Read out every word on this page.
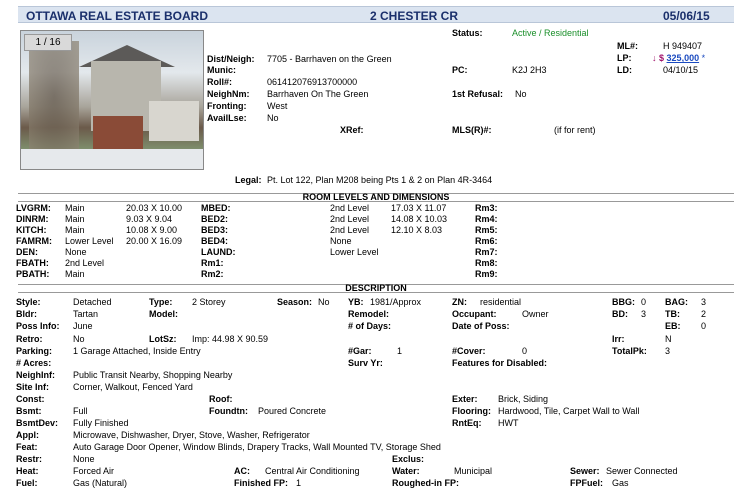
OTTAWA REAL ESTATE BOARD	2 CHESTER CR	05/06/15
1 / 16
Status:	Active / Residential
ML#:	H 949407
LP: ↓ $ 325,000 *
LD:	04/10/15
Dist/Neigh: 7705 - Barrhaven on the Green
Munic:	PC:	K2J 2H3
Roll#:	061412076913700000
NeighNm: Barrhaven On The Green	1st Refusal: No
Fronting: West
AvailLse: No
XRef:	MLS(R)#:	(if for rent)
Legal: Pt. Lot 122, Plan M208 being Pts 1 & 2 on Plan 4R-3464
ROOM LEVELS AND DIMENSIONS
LVGRM: Main	20.03 X 10.00
DINRM: Main	9.03 X 9.04
KITCH: Main	10.08 X 9.00
FAMRM: Lower Level 20.00 X 16.09
DEN:	None
FBATH: 2nd Level
PBATH: Main
MBED:	2nd Level 17.03 X 11.07
BED2:	2nd Level 14.08 X 10.03
BED3:	2nd Level 12.10 X 8.03
BED4:	None
LAUND:	Lower Level
Rm1:
Rm2:
Rm3:
Rm4:
Rm5:
Rm6:
Rm7:
Rm8:
Rm9:
DESCRIPTION
Style:	Detached	Type: 2 Storey	Season: No YB: 1981/Approx	ZN: residential	BBG: 0 BAG: 3
Bldr:	Tartan	Model:	Remodel:	Occupant:	Owner	BD: 3 TB: 2
Poss Info: June	# of Days:	Date of Poss:	EB: 0
Retro:	No	LotSz: Imp: 44.98 X 90.59	Irr:	N
Parking: 1 Garage Attached, Inside Entry	#Gar:	1	#Cover:	0	TotalPk: 3
# Acres:	Surv Yr:	Features for Disabled:
NeighInf: Public Transit Nearby, Shopping Nearby
Site Inf:	Corner, Walkout, Fenced Yard
Const:	Roof:	Exter: Brick, Siding
Bsmt:	Full	Foundtn: Poured Concrete	Flooring: Hardwood, Tile, Carpet Wall to Wall
BsmtDev: Fully Finished	RntEq: HWT
Appl:	Microwave, Dishwasher, Dryer, Stove, Washer, Refrigerator
Feat:	Auto Garage Door Opener, Window Blinds, Drapery Tracks, Wall Mounted TV, Storage Shed
Restr:	None	Exclus:
Heat:	Forced Air	AC: Central Air Conditioning	Water:	Municipal	Sewer: Sewer Connected
Fuel:	Gas (Natural)	Finished FP: 1	Roughed-in FP:	FPFuel: Gas
